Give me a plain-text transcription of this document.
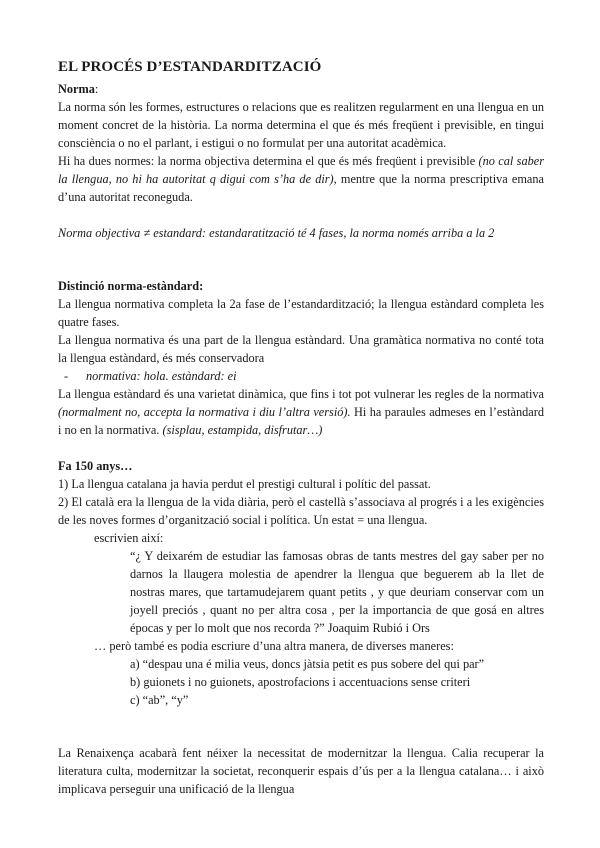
EL PROCÉS D’ESTANDARDITZACIÓ

Norma:

La norma són les formes, estructures o relacions que es realitzen regularment en una llengua en un moment concret de la història. La norma determina el que és més freqüent i previsible, en tingui consciència o no el parlant, i estigui o no formulat per una autoritat acadèmica.

Hi ha dues normes: la norma objectiva determina el que és més freqüent i previsible (no cal saber la llengua, no hi ha autoritat q digui com s’ha de dir), mentre que la norma prescriptiva emana d’una autoritat reconeguda.

Norma objectiva ≠ estandard: estandaratització té 4 fases, la norma només arriba a la 2

Distinció norma-estàndard:

La llengua normativa completa la 2a fase de l’estandardització; la llengua estàndard completa les quatre fases.

La llengua normativa és una part de la llengua estàndard. Una gramàtica normativa no conté tota la llengua estàndard, és més conservadora

- normativa: hola. estàndard: ei

La llengua estàndard és una varietat dinàmica, que fins i tot pot vulnerar les regles de la normativa (normalment no, accepta la normativa i diu l’altra versió). Hi ha paraules admeses en l’estàndard i no en la normativa. (sisplau, estampida, disfrutar…)

Fa 150 anys…

1) La llengua catalana ja havia perdut el prestigi cultural i polític del passat.

2) El català era la llengua de la vida diària, però el castellà s’associava al progrés i a les exigències de les noves formes d’organització social i política. Un estat = una llengua.

escrivien així:

“¿ Y deixarém de estudiar las famosas obras de tants mestres del gay saber per no darnos la llaugera molestia de apendrer la llengua que beguerem ab la llet de nostras mares, que tartamudejarem quant petits , y que deuriam conservar com un joyell preciós , quant no per altra cosa , per la importancia de que gosá en altres épocas y per lo molt que nos recorda ?” Joaquim Rubió i Ors

… però també es podia escriure d’una altra manera, de diverses maneres:

a) “despau una é milia veus, doncs jàtsia petit es pus sobere del qui par”

b) guionets i no guionets, apostrofacions i accentuacions sense criteri

c) “ab”, “y”

La Renaixença acabarà fent néixer la necessitat de modernitzar la llengua. Calia recuperar la literatura culta, modernitzar la societat, reconquerir espais d’ús per a la llengua catalana… i això implicava perseguir una unificació de la llengua
